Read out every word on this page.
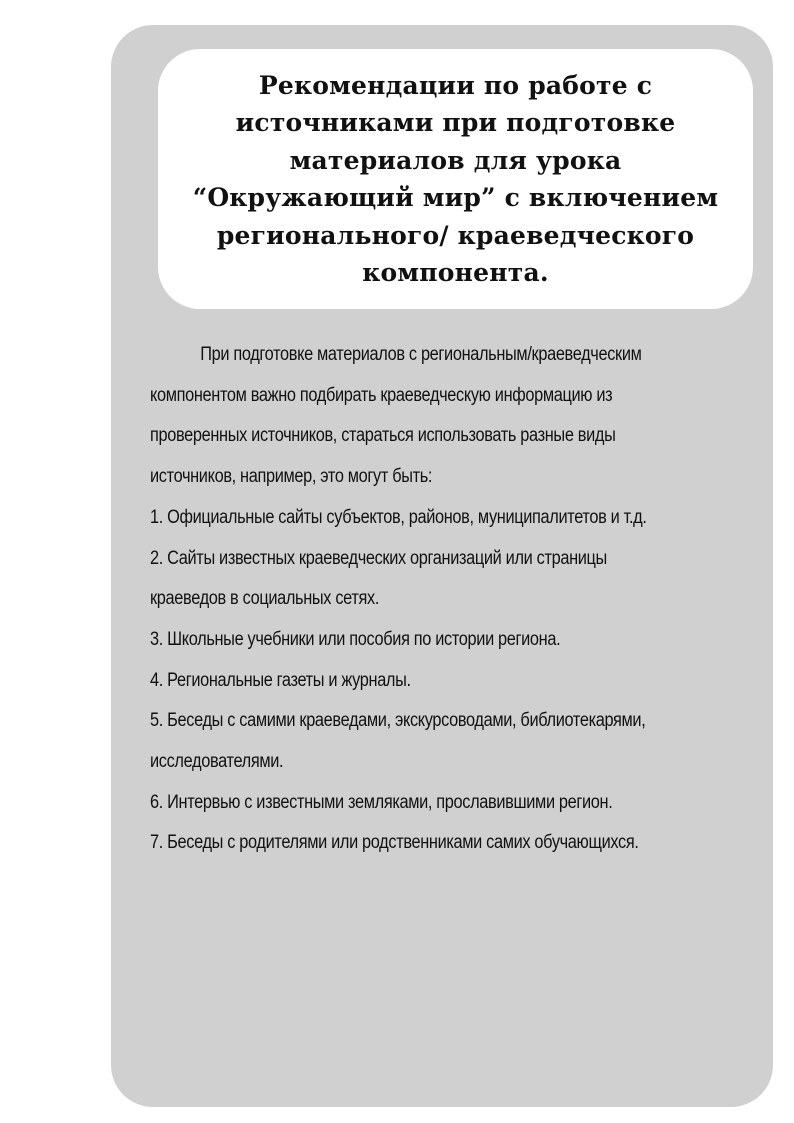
Рекомендации по работе с
источниками при подготовке
материалов для урока
“Окружающий мир” с включением
регионального/ краеведческого
компонента.

При подготовке материалов с региональным/краеведческим

компонентом важно подбирать краеведческую информацию из

проверенных источников, стараться использовать разные виды

источников, например, это могут быть:

1. Официальные сайты субъектов, районов, муниципалитетов и т.д.
2. Сайты известных краеведческих организаций или страницы
краеведов в социальных сетях.
3. Школьные учебники или пособия по истории региона.
4. Региональные газеты и журналы.
5. Беседы с самими краеведами, экскурсоводами, библиотекарями,
исследователями.
6. Интервью с известными земляками, прославившими регион.
7. Беседы с родителями или родственниками самих обучающихся.
